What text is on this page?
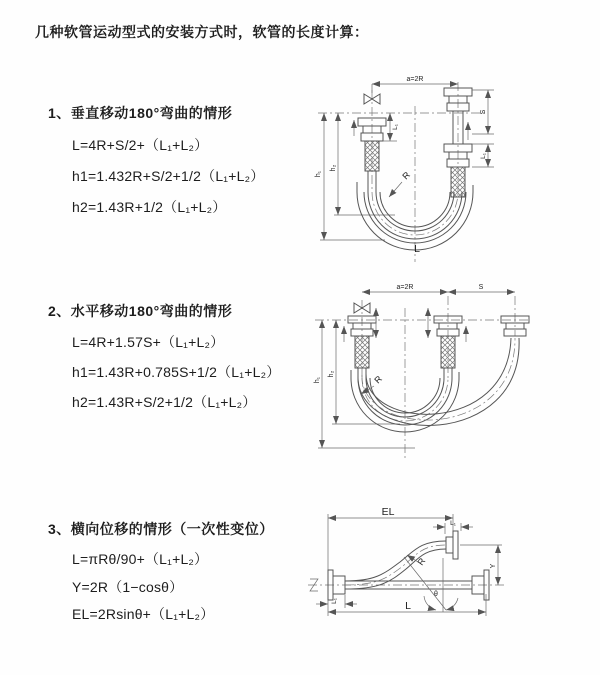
几种软管运动型式的安装方式时，软管的长度计算：
1、垂直移动180°弯曲的情形
L=4R+S/2+（L₁+L₂）
h1=1.432R+S/2+1/2（L₁+L₂）
h2=1.43R+1/2（L₁+L₂）
a=2R
h₁
h₂
L₁
S
L₁
R
L
2、水平移动180°弯曲的情形
L=4R+1.57S+（L₁+L₂）
h1=1.43R+0.785S+1/2（L₁+L₂）
h2=1.43R+S/2+1/2（L₁+L₂）
a=2R	S
h₁
h₂	R
3、横向位移的情形（一次性变位）
L=πRθ/90+（L₁+L₂）
Y=2R（1−cosθ）
EL=2Rsinθ+（L₁+L₂）
EL
L₁
Y
R
θ
L₁	L
